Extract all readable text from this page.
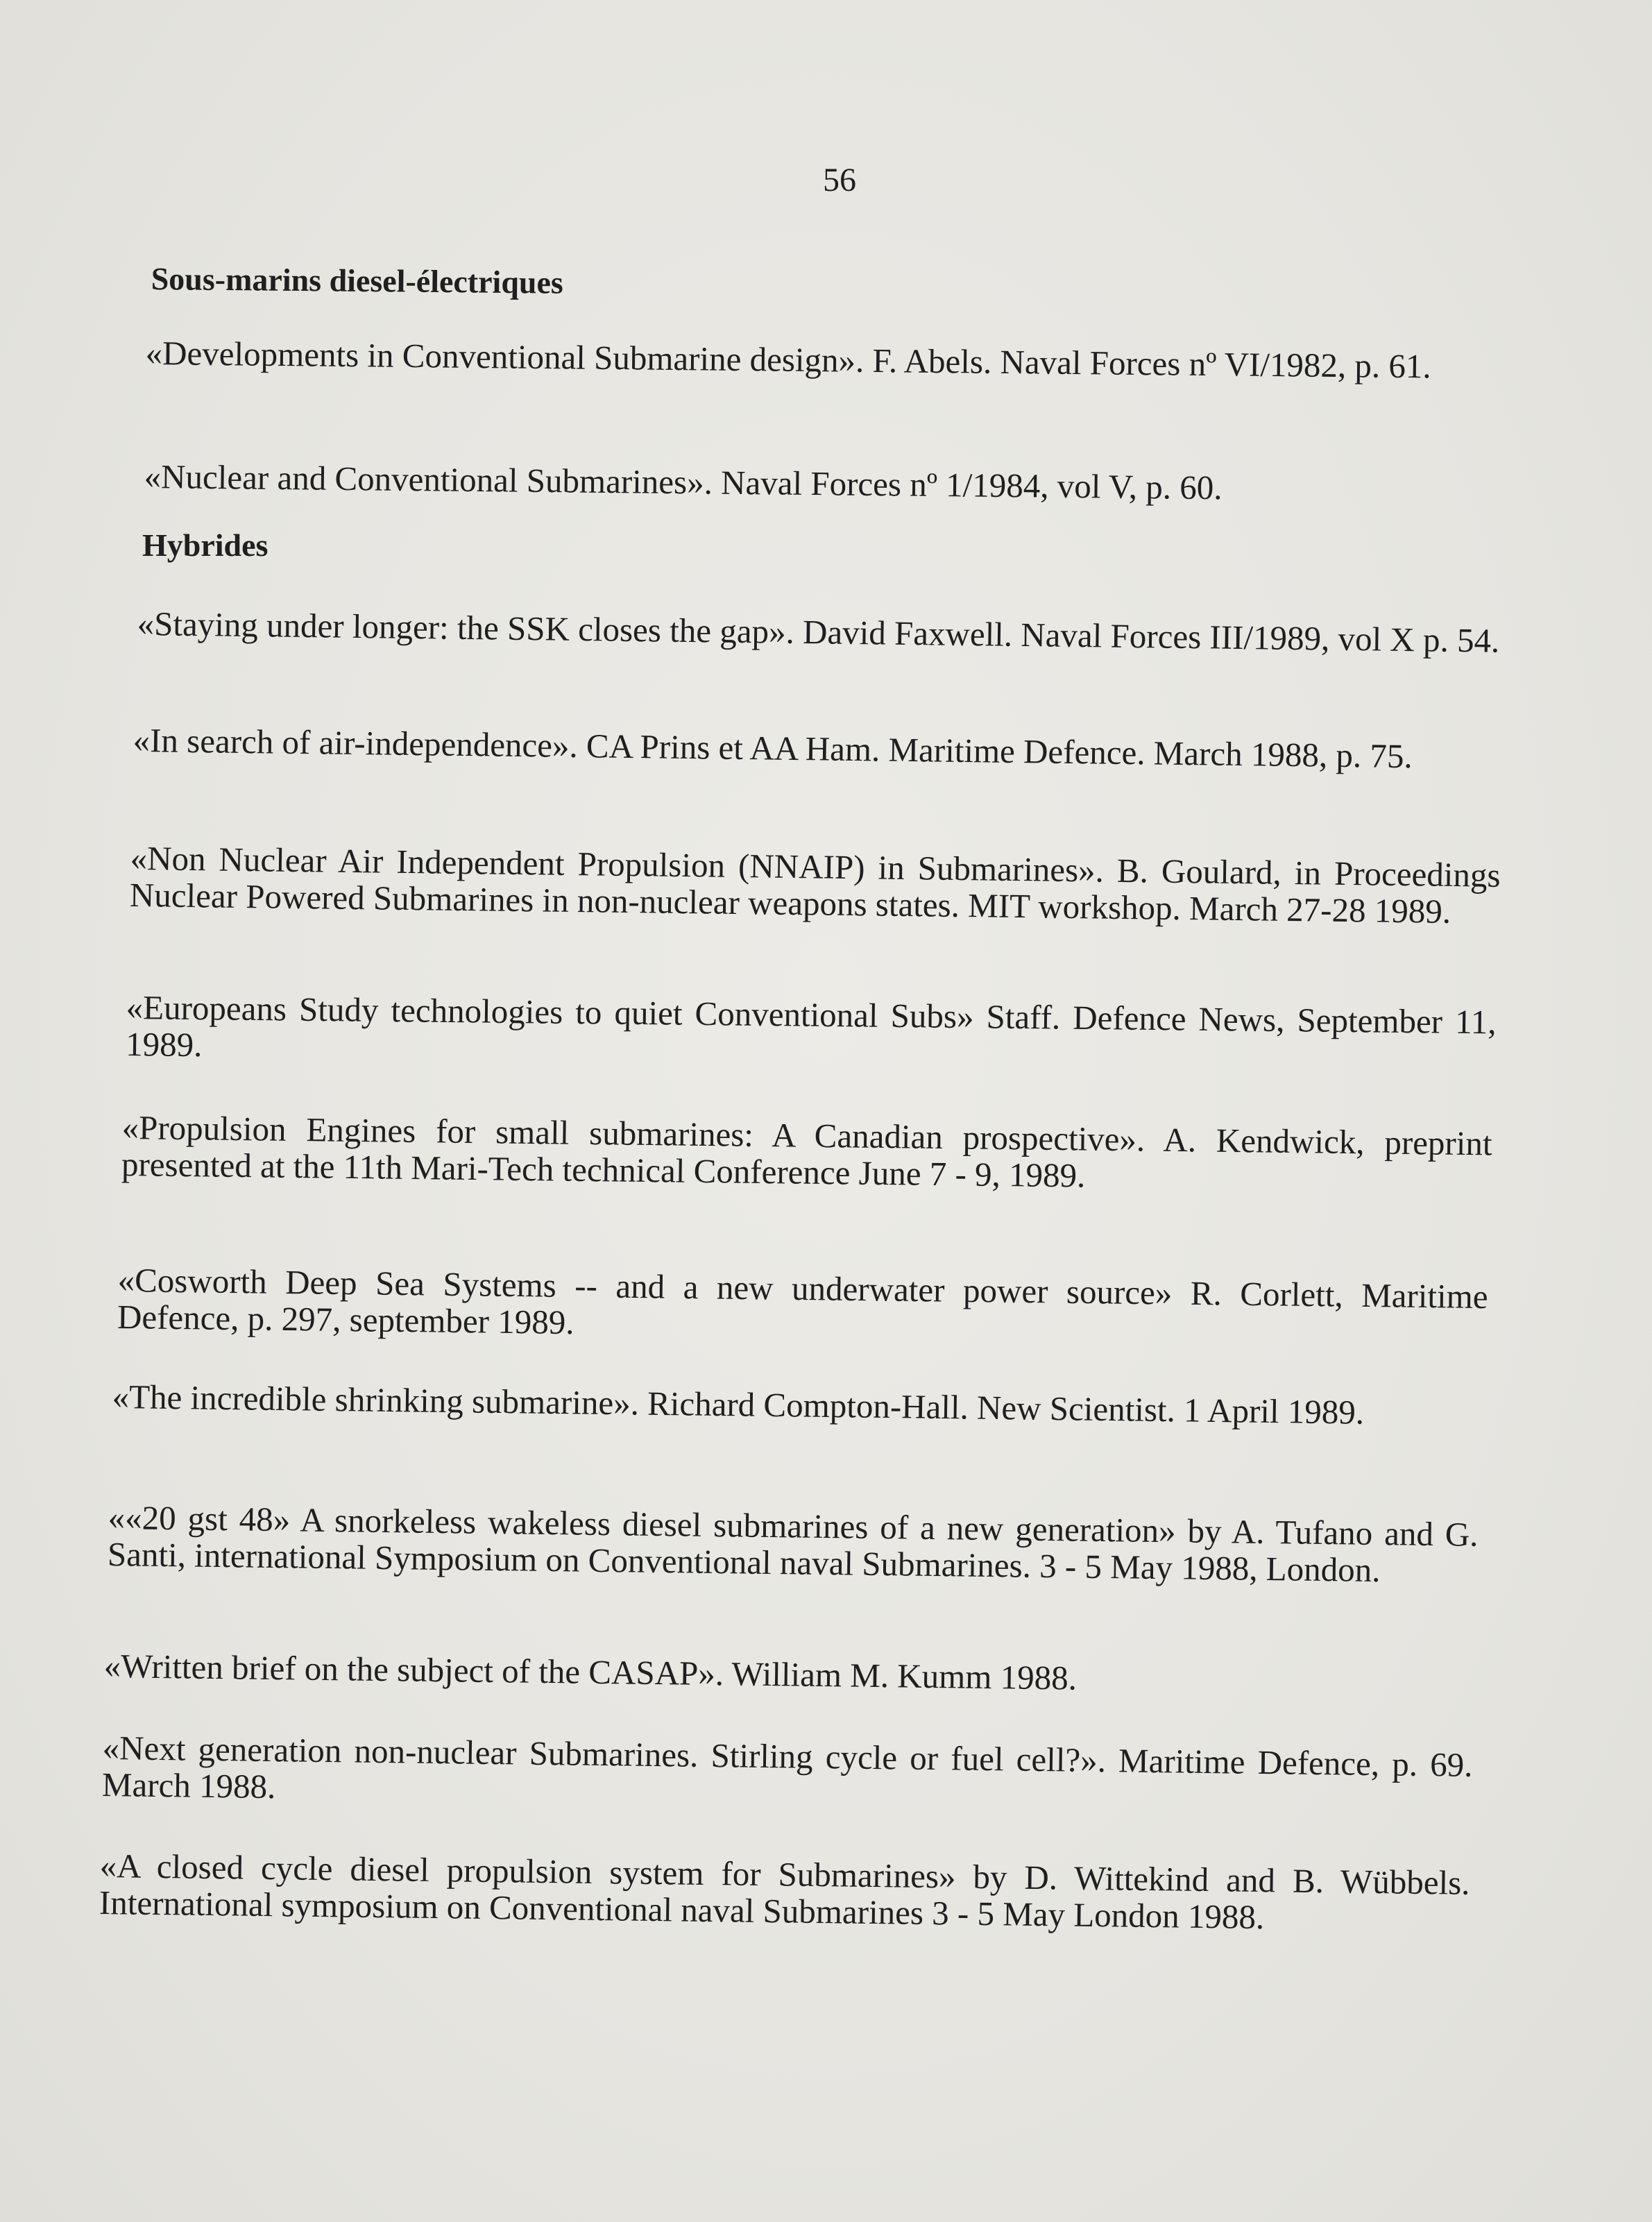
56
Sous-marins diesel-électriques

«Developments in Conventional Submarine design». F. Abels. Naval Forces nº VI/1982, p. 61.

«Nuclear and Conventional Submarines». Naval Forces nº 1/1984, vol V, p. 60.

Hybrides

«Staying under longer: the SSK closes the gap». David Faxwell. Naval Forces III/1989, vol X p. 54.

«In search of air-independence». CA Prins et AA Ham. Maritime Defence. March 1988, p. 75.

«Non Nuclear Air Independent Propulsion (NNAIP) in Submarines». B. Goulard, in Proceedings Nuclear Powered Submarines in non-nuclear weapons states. MIT workshop. March 27-28 1989.

«Europeans Study technologies to quiet Conventional Subs» Staff. Defence News, September 11, 1989.

«Propulsion Engines for small submarines: A Canadian prospective». A. Kendwick, preprint presented at the 11th Mari-Tech technical Conference June 7 - 9, 1989.

«Cosworth Deep Sea Systems -- and a new underwater power source» R. Corlett, Maritime Defence, p. 297, september 1989.

«The incredible shrinking submarine». Richard Compton-Hall. New Scientist. 1 April 1989.

««20 gst 48» A snorkeless wakeless diesel submarines of a new generation» by A. Tufano and G. Santi, international Symposium on Conventional naval Submarines. 3 - 5 May 1988, London.

«Written brief on the subject of the CASAP». William M. Kumm 1988.

«Next generation non-nuclear Submarines. Stirling cycle or fuel cell?». Maritime Defence, p. 69. March 1988.

«A closed cycle diesel propulsion system for Submarines» by D. Wittekind and B. Wübbels. International symposium on Conventional naval Submarines 3 - 5 May London 1988.
